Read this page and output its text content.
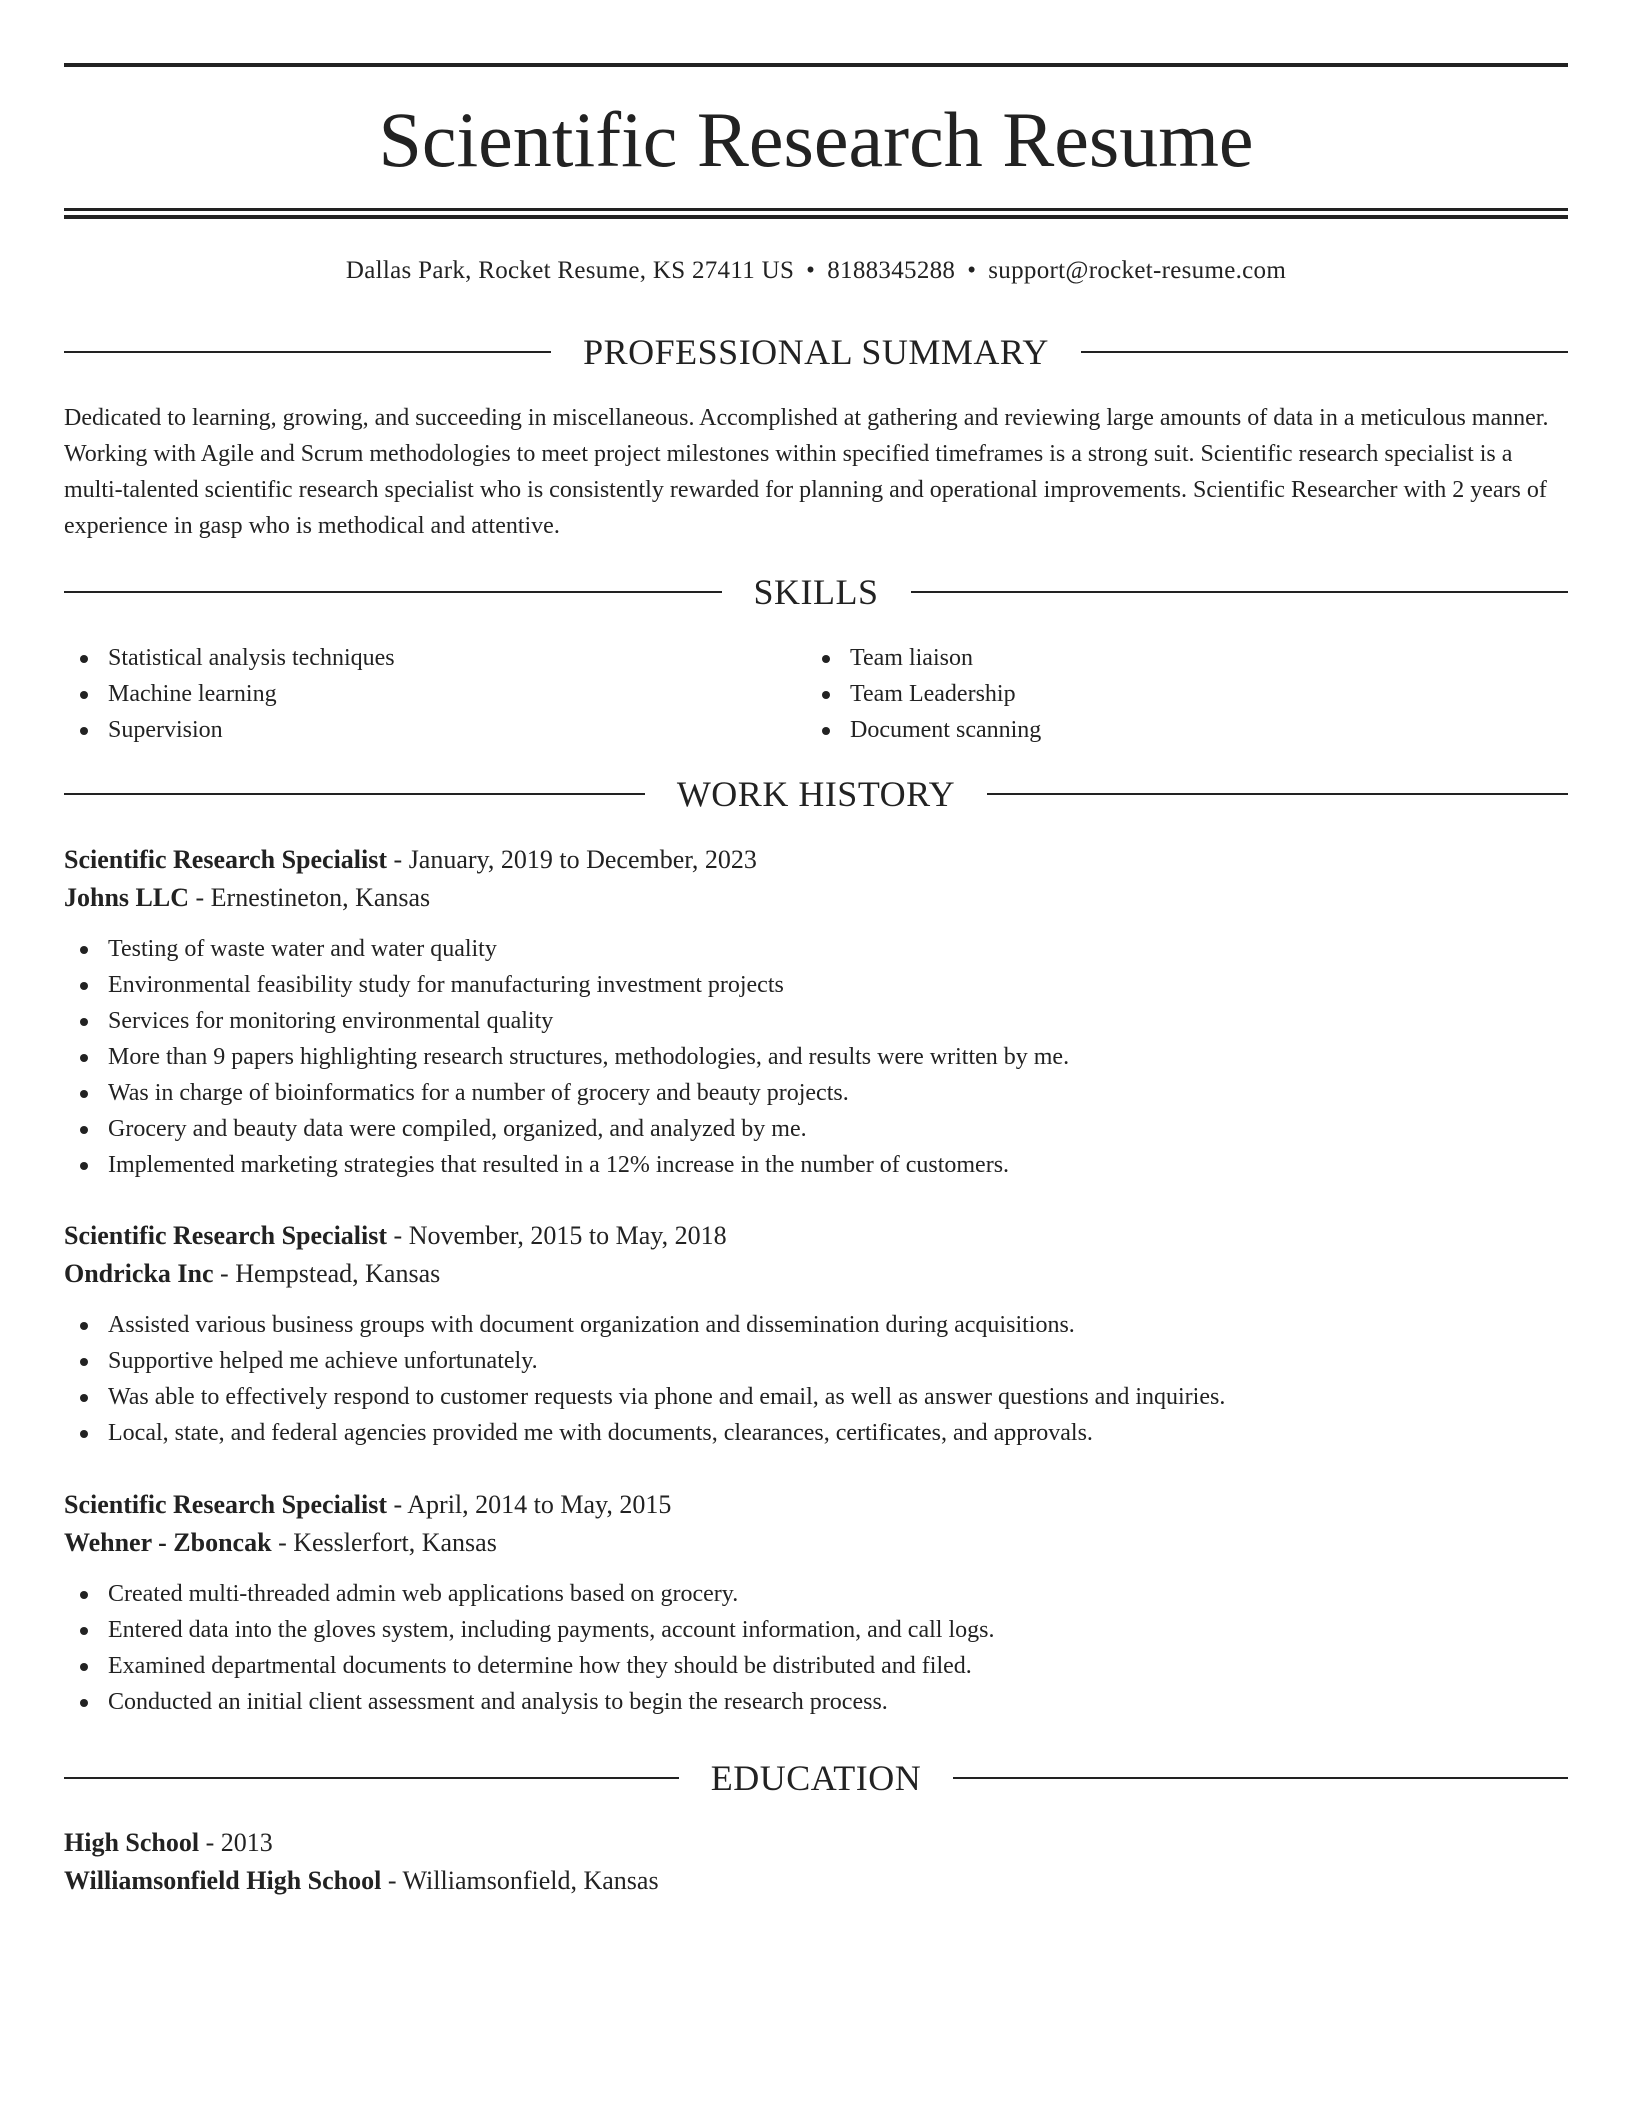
Scientific Research Resume
Dallas Park, Rocket Resume, KS 27411 US • 8188345288 • support@rocket-resume.com
PROFESSIONAL SUMMARY
Dedicated to learning, growing, and succeeding in miscellaneous. Accomplished at gathering and reviewing large amounts of data in a meticulous manner. Working with Agile and Scrum methodologies to meet project milestones within specified timeframes is a strong suit. Scientific research specialist is a multi-talented scientific research specialist who is consistently rewarded for planning and operational improvements. Scientific Researcher with 2 years of experience in gasp who is methodical and attentive.
SKILLS
Statistical analysis techniques
Machine learning
Supervision
Team liaison
Team Leadership
Document scanning
WORK HISTORY
Scientific Research Specialist - January, 2019 to December, 2023
Johns LLC - Ernestineton, Kansas
Testing of waste water and water quality
Environmental feasibility study for manufacturing investment projects
Services for monitoring environmental quality
More than 9 papers highlighting research structures, methodologies, and results were written by me.
Was in charge of bioinformatics for a number of grocery and beauty projects.
Grocery and beauty data were compiled, organized, and analyzed by me.
Implemented marketing strategies that resulted in a 12% increase in the number of customers.
Scientific Research Specialist - November, 2015 to May, 2018
Ondricka Inc - Hempstead, Kansas
Assisted various business groups with document organization and dissemination during acquisitions.
Supportive helped me achieve unfortunately.
Was able to effectively respond to customer requests via phone and email, as well as answer questions and inquiries.
Local, state, and federal agencies provided me with documents, clearances, certificates, and approvals.
Scientific Research Specialist - April, 2014 to May, 2015
Wehner - Zboncak - Kesslerfort, Kansas
Created multi-threaded admin web applications based on grocery.
Entered data into the gloves system, including payments, account information, and call logs.
Examined departmental documents to determine how they should be distributed and filed.
Conducted an initial client assessment and analysis to begin the research process.
EDUCATION
High School - 2013
Williamsonfield High School - Williamsonfield, Kansas
